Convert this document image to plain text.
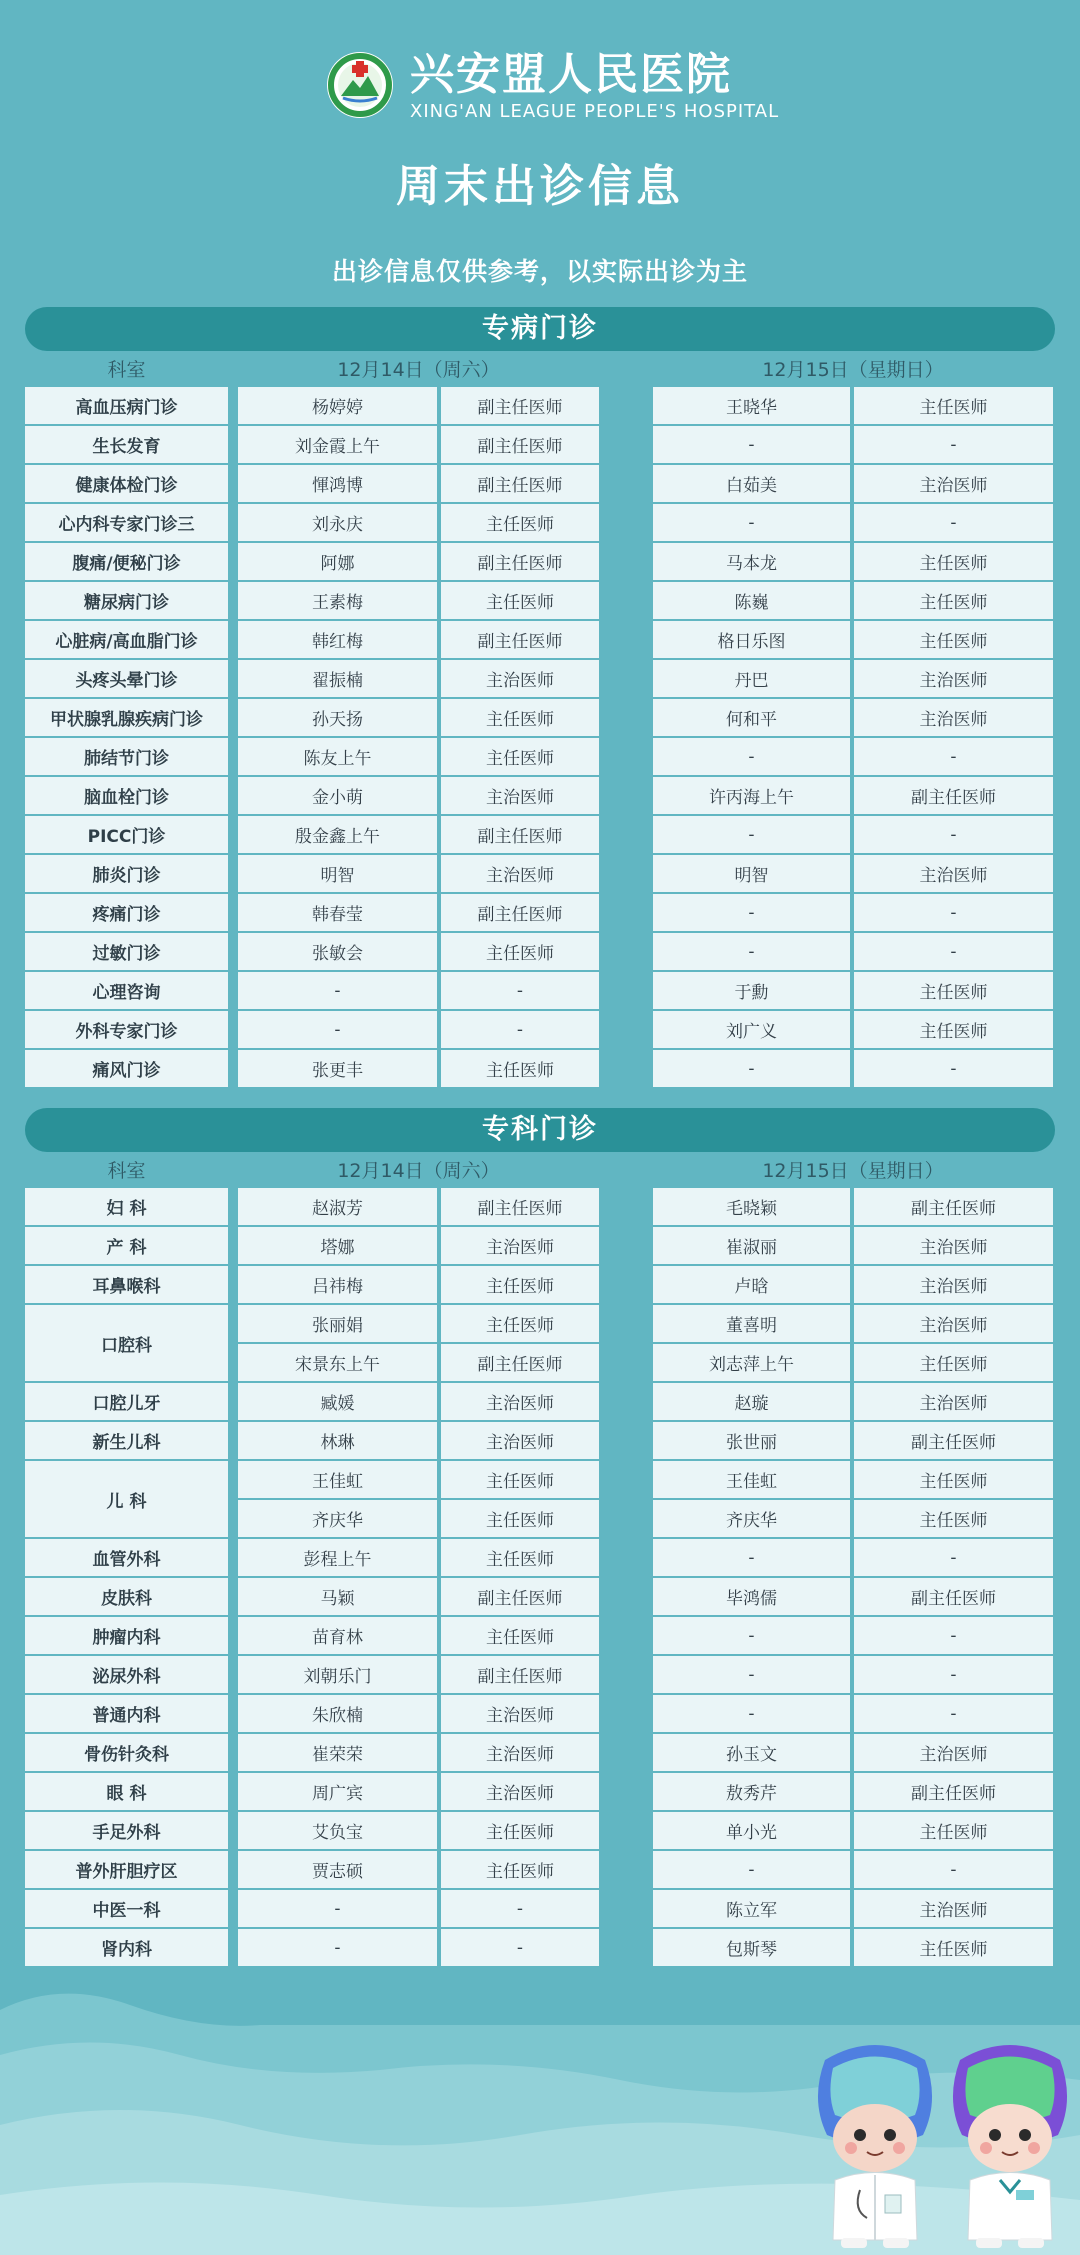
兴安盟人民医院
XING'AN LEAGUE PEOPLE'S HOSPITAL
周末出诊信息
出诊信息仅供参考，以实际出诊为主
专病门诊
科室	12月14日（周六）	12月15日（星期日）
高血压病门诊	杨婷婷	副主任医师	王晓华	主任医师
生长发育	刘金霞上午	副主任医师	-	-
健康体检门诊	惲鸿博	副主任医师	白茹美	主治医师
心内科专家门诊三	刘永庆	主任医师	-	-
腹痛/便秘门诊	阿娜	副主任医师	马本龙	主任医师
糖尿病门诊	王素梅	主任医师	陈巍	主任医师
心脏病/高血脂门诊	韩红梅	副主任医师	格日乐图	主任医师
头疼头晕门诊	翟振楠	主治医师	丹巴	主治医师
甲状腺乳腺疾病门诊	孙天扬	主任医师	何和平	主治医师
肺结节门诊	陈友上午	主任医师	-	-
脑血栓门诊	金小萌	主治医师	许丙海上午	副主任医师
PICC门诊	殷金鑫上午	副主任医师	-	-
肺炎门诊	明智	主治医师	明智	主治医师
疼痛门诊	韩春莹	副主任医师	-	-
过敏门诊	张敏会	主任医师	-	-
心理咨询	-	-	于勳	主任医师
外科专家门诊	-	-	刘广义	主任医师
痛风门诊	张更丰	主任医师	-	-
专科门诊
科室	12月14日（周六）	12月15日（星期日）
妇 科	赵淑芳	副主任医师	毛晓颖	副主任医师
产 科	塔娜	主治医师	崔淑丽	主治医师
耳鼻喉科	吕祎梅	主任医师	卢晗	主治医师
口腔科
张丽娟	主任医师	董喜明	主治医师
宋景东上午	副主任医师	刘志萍上午	主任医师
口腔儿牙	臧媛	主治医师	赵璇	主治医师
新生儿科	林琳	主治医师	张世丽	副主任医师
儿 科
王佳虹	主任医师	王佳虹	主任医师
齐庆华	主任医师	齐庆华	主任医师
血管外科	彭程上午	主任医师	-	-
皮肤科	马颖	副主任医师	毕鸿儒	副主任医师
肿瘤内科	苗育林	主任医师	-	-
泌尿外科	刘朝乐门	副主任医师	-	-
普通内科	朱欣楠	主治医师	-	-
骨伤针灸科	崔荣荣	主治医师	孙玉文	主治医师
眼 科	周广宾	主治医师	敖秀芹	副主任医师
手足外科	艾负宝	主任医师	单小光	主任医师
普外肝胆疗区	贾志硕	主任医师	-	-
中医一科	-	-	陈立军	主治医师
肾内科	-	-	包斯琴	主任医师
